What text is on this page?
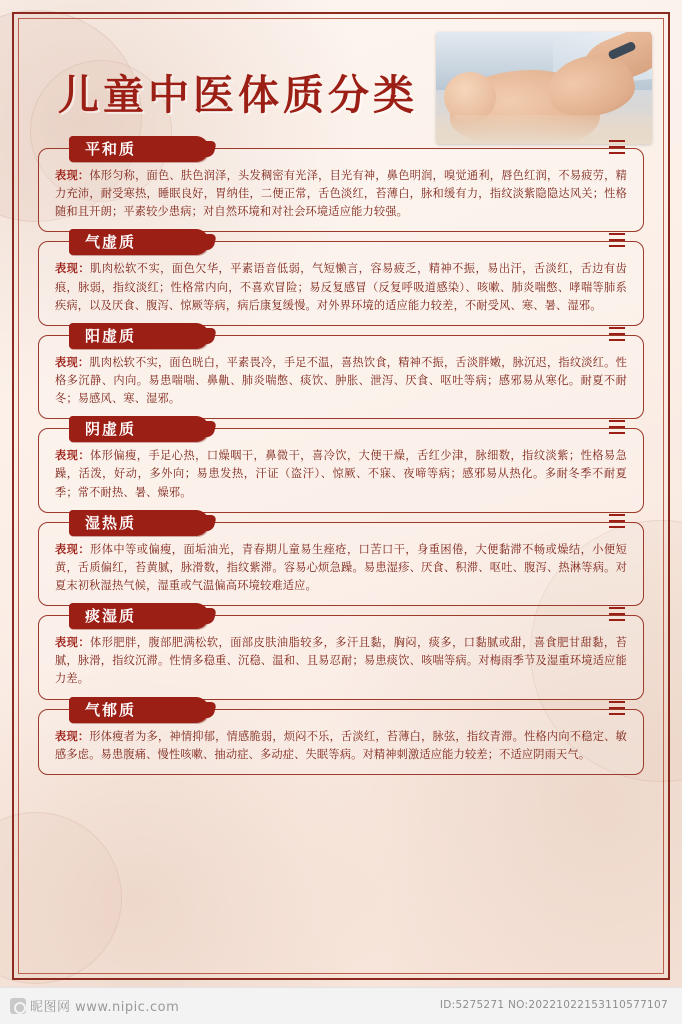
儿童中医体质分类
平和质
表现：体形匀称，面色、肤色润泽，头发稠密有光泽，目光有神，鼻色明润，嗅觉通利，唇色红润，不易疲劳，精力充沛，耐受寒热，睡眠良好，胃纳佳，二便正常，舌色淡红，苔薄白，脉和缓有力，指纹淡紫隐隐达风关；性格随和且开朗；平素较少患病；对自然环境和对社会环境适应能力较强。
气虚质
表现：肌肉松软不实，面色欠华，平素语音低弱，气短懒言，容易疲乏，精神不振，易出汗，舌淡红，舌边有齿痕，脉弱，指纹淡红；性格常内向，不喜欢冒险；易反复感冒（反复呼吸道感染）、咳嗽、肺炎喘憋、哮喘等肺系疾病，以及厌食、腹泻、惊厥等病，病后康复缓慢。对外界环境的适应能力较差，不耐受风、寒、暑、湿邪。
阳虚质
表现：肌肉松软不实，面色晄白，平素畏冷，手足不温，喜热饮食，精神不振，舌淡胖嫩，脉沉迟，指纹淡红。性格多沉静、内向。易患喘喘、鼻鼽、肺炎喘憋、痰饮、肿胀、泄泻、厌食、呕吐等病；感邪易从寒化。耐夏不耐冬；易感风、寒、湿邪。
阴虚质
表现：体形偏瘦，手足心热，口燥咽干，鼻微干，喜冷饮，大便干燥，舌红少津，脉细数，指纹淡紫；性格易急躁，活泼，好动，多外向；易患发热，汗证（盗汗）、惊厥、不寐、夜啼等病；感邪易从热化。多耐冬季不耐夏季；常不耐热、暑、燥邪。
湿热质
表现：形体中等或偏瘦，面垢油光，青春期儿童易生痤疮，口苦口干，身重困倦，大便黏滞不畅或燥结，小便短黄，舌质偏红，苔黄腻，脉滑数，指纹紫滞。容易心烦急躁。易患湿疹、厌食、积滞、呕吐、腹泻、热淋等病。对夏末初秋湿热气候，湿重或气温偏高环境较难适应。
痰湿质
表现：体形肥胖，腹部肥满松软，面部皮肤油脂较多，多汗且黏，胸闷，痰多，口黏腻或甜，喜食肥甘甜黏，苔腻，脉滑，指纹沉滞。性情多稳重、沉稳、温和、且易忍耐；易患痰饮、咳喘等病。对梅雨季节及湿重环境适应能力差。
气郁质
表现：形体瘦者为多，神情抑郁，情感脆弱，烦闷不乐，舌淡红，苔薄白，脉弦，指纹青滞。性格内向不稳定、敏感多虑。易患腹痛、慢性咳嗽、抽动症、多动症、失眠等病。对精神刺激适应能力较差；不适应阴雨天气。
昵图网 www.nipic.com	ID:5275271 NO:20221022153110577107
